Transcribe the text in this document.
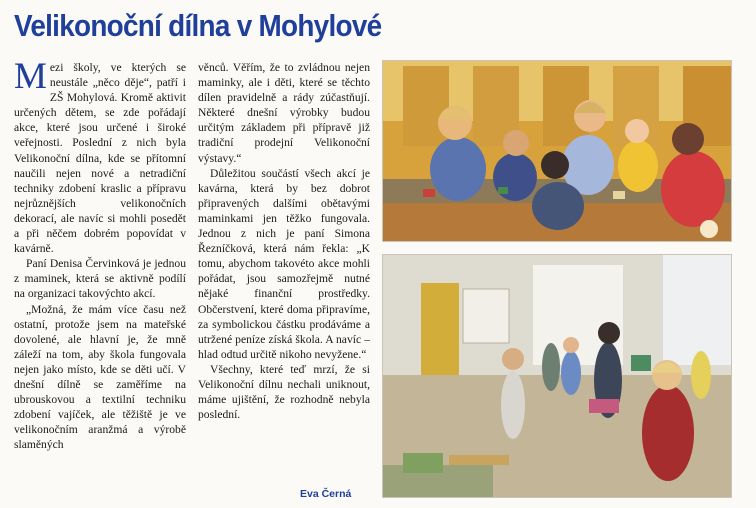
Velikonoční dílna v Mohylové

Mezi školy, ve kterých se neustále „něco děje“, patří i ZŠ Mohylová. Kromě aktivit určených dětem, se zde pořádají akce, které jsou určené i široké veřejnosti. Poslední z nich byla Velikonoční dílna, kde se přítomní naučili nejen nové a netradiční techniky zdobení kraslic a přípravu nejrůznějších velikonočních dekorací, ale navíc si mohli posedět a při něčem dobrém popovídat v kavárně.

Paní Denisa Červinková je jednou z maminek, která se aktivně podílí na organizaci takovýchto akcí.

„Možná, že mám více času než ostatní, protože jsem na mateřské dovolené, ale hlavní je, že mně záleží na tom, aby škola fungovala nejen jako místo, kde se děti učí. V dnešní dílně se zaměříme na ubrouskovou a textilní techniku zdobení vajíček, ale těžiště je ve velikonočním aranžmá a výrobě slaměných

věnců. Věřím, že to zvládnou nejen maminky, ale i děti, které se těchto dílen pravidelně a rády zúčastňují. Některé dnešní výrobky budou určitým základem při přípravě již tradiční prodejní Velikonoční výstavy.“

Důležitou součástí všech akcí je kavárna, která by bez dobrot připravených dalšími obětavými maminkami jen těžko fungovala. Jednou z nich je paní Simona Řezníčková, která nám řekla: „K tomu, abychom takovéto akce mohli pořádat, jsou samozřejmě nutné nějaké finanční prostředky. Občerstvení, které doma připravíme, za symbolickou částku prodáváme a utržené peníze získá škola. A navíc – hlad odtud určitě nikoho nevyžene.“

Všechny, které teď mrzí, že si Velikonoční dílnu nechali uniknout, máme ujištění, že rozhodně nebyla poslední.

Eva Černá
